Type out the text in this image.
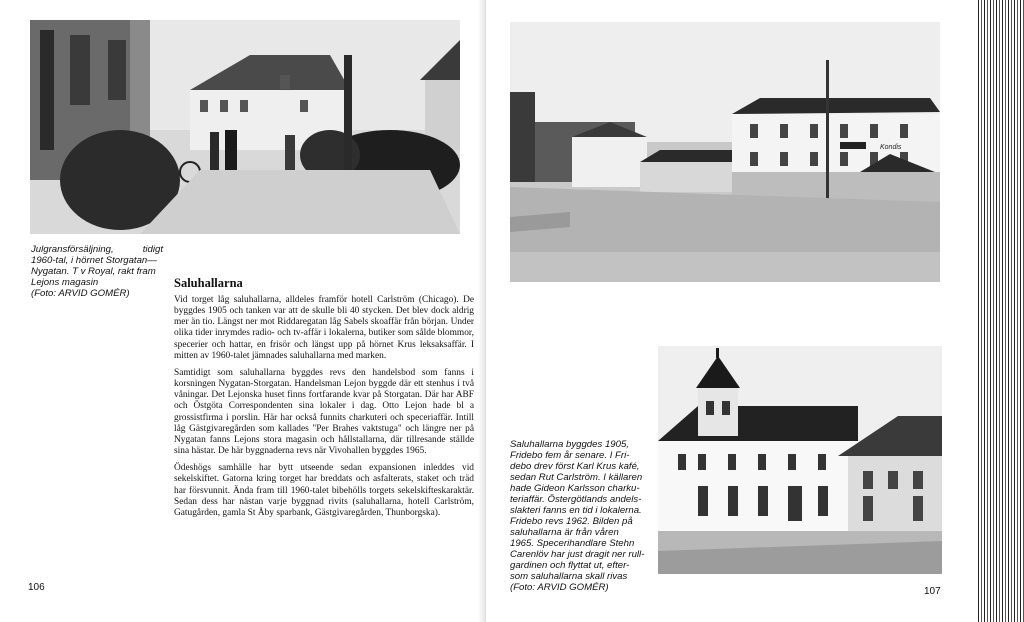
Julgransförsäljning, tidigt

1960-tal, i hörnet Storgatan—

Nygatan. T v Royal, rakt fram

Lejons magasin

(Foto: ARVID GOMÉR)

Saluhallarna

Vid torget låg saluhallarna, alldeles framför hotell Carlström (Chicago). De byggdes 1905 och tanken var att de skulle bli 40 stycken. Det blev dock aldrig mer än tio. Längst ner mot Riddaregatan låg Sabels skoaffär från början. Under olika tider inrymdes radio- och tv-affär i lokalerna, butiker som sålde blommor, specerier och hattar, en frisör och längst upp på hörnet Krus leksaksaffär. I mitten av 1960-talet jämnades saluhallarna med marken.

Samtidigt som saluhallarna byggdes revs den handelsbod som fanns i korsningen Nygatan-Storgatan. Handelsman Lejon byggde där ett stenhus i två våningar. Det Lejonska huset finns fortfarande kvar på Storgatan. Där har ABF och Östgöta Correspondenten sina lokaler i dag. Otto Lejon hade bl a grossistfirma i porslin. Här har också funnits charkuteri och speceriaffär. Intill låg Gästgivaregården som kallades "Per Brahes vaktstuga" och längre ner på Nygatan fanns Lejons stora magasin och hållstallarna, där tillresande ställde sina hästar. De här byggnaderna revs när Vivohallen byggdes 1965.

Ödeshögs samhälle har bytt utseende sedan expansionen inleddes vid sekelskiftet. Gatorna kring torget har breddats och asfalterats, staket och träd har försvunnit. Ända fram till 1960-talet bibehölls torgets sekelskifteskaraktär. Sedan dess har nästan varje byggnad rivits (saluhallarna, hotell Carlström, Gatugården, gamla St Åby sparbank, Gästgivaregården, Thunborgska).

106
Kondis

Saluhallarna byggdes 1905,

Fridebo fem år senare. I Fri-

debo drev först Karl Krus kafé,

sedan Rut Carlström. I källaren

hade Gideon Karlsson charku-

teriaffär. Östergötlands andels-

slakteri fanns en tid i lokalerna.

Fridebo revs 1962. Bilden på

saluhallarna är från våren

1965. Specerihandlare Stehn

Carenlöv har just dragit ner rull-

gardinen och flyttat ut, efter-

som saluhallarna skall rivas

(Foto: ARVID GOMÉR)	107
